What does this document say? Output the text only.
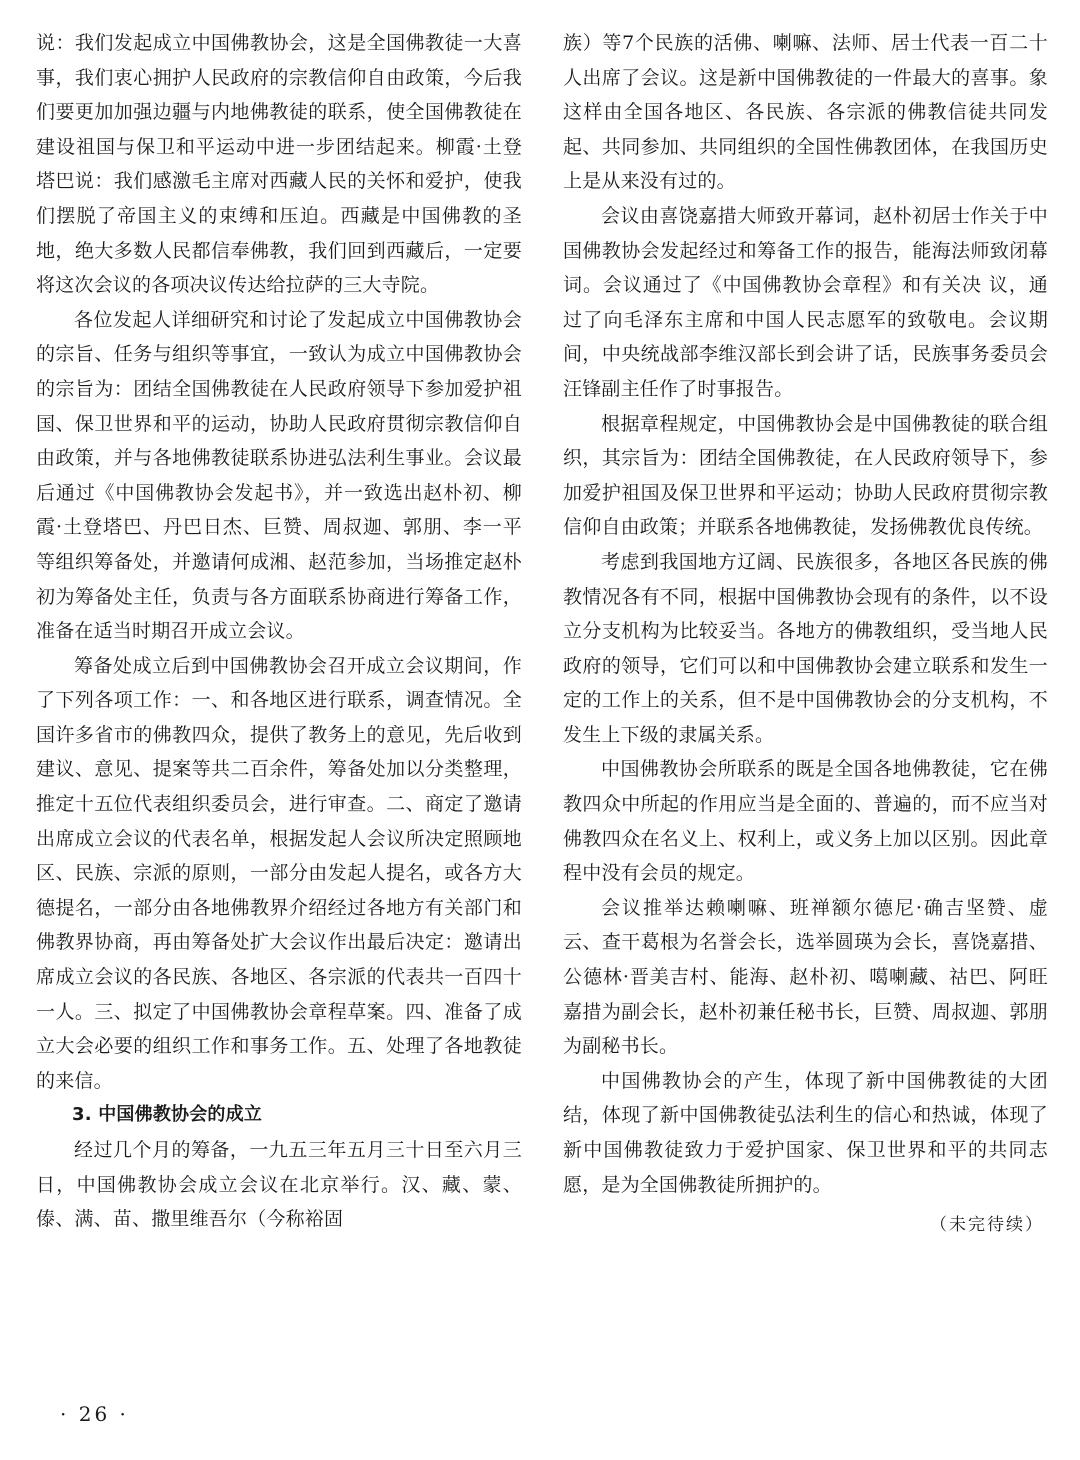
说：我们发起成立中国佛教协会，这是全国佛教徒一大喜事，我们衷心拥护人民政府的宗教信仰自由政策，今后我们要更加加强边疆与内地佛教徒的联系，使全国佛教徒在建设祖国与保卫和平运动中进一步团结起来。柳霞·土登塔巴说：我们感激毛主席对西藏人民的关怀和爱护，使我们摆脱了帝国主义的束缚和压迫。西藏是中国佛教的圣地，绝大多数人民都信奉佛教，我们回到西藏后，一定要将这次会议的各项决议传达给拉萨的三大寺院。

各位发起人详细研究和讨论了发起成立中国佛教协会的宗旨、任务与组织等事宜，一致认为成立中国佛教协会的宗旨为：团结全国佛教徒在人民政府领导下参加爱护祖国、保卫世界和平的运动，协助人民政府贯彻宗教信仰自由政策，并与各地佛教徒联系协进弘法利生事业。会议最后通过《中国佛教协会发起书》，并一致选出赵朴初、柳霞·土登塔巴、丹巴日杰、巨赞、周叔迦、郭朋、李一平等组织筹备处，并邀请何成湘、赵范参加，当场推定赵朴初为筹备处主任，负责与各方面联系协商进行筹备工作，准备在适当时期召开成立会议。

筹备处成立后到中国佛教协会召开成立会议期间，作了下列各项工作：一、和各地区进行联系，调查情况。全国许多省市的佛教四众，提供了教务上的意见，先后收到建议、意见、提案等共二百余件，筹备处加以分类整理，推定十五位代表组织委员会，进行审查。二、商定了邀请出席成立会议的代表名单，根据发起人会议所决定照顾地区、民族、宗派的原则，一部分由发起人提名，或各方大德提名，一部分由各地佛教界介绍经过各地方有关部门和佛教界协商，再由筹备处扩大会议作出最后决定：邀请出席成立会议的各民族、各地区、各宗派的代表共一百四十一人。三、拟定了中国佛教协会章程草案。四、准备了成立大会必要的组织工作和事务工作。五、处理了各地教徒的来信。

3. 中国佛教协会的成立

经过几个月的筹备，一九五三年五月三十日至六月三日，中国佛教协会成立会议在北京举行。汉、藏、蒙、傣、满、苗、撒里维吾尔（今称裕固

族）等7个民族的活佛、喇嘛、法师、居士代表一百二十人出席了会议。这是新中国佛教徒的一件最大的喜事。象这样由全国各地区、各民族、各宗派的佛教信徒共同发起、共同参加、共同组织的全国性佛教团体，在我国历史上是从来没有过的。

会议由喜饶嘉措大师致开幕词，赵朴初居士作关于中国佛教协会发起经过和筹备工作的报告，能海法师致闭幕词。会议通过了《中国佛教协会章程》和有关决 议，通过了向毛泽东主席和中国人民志愿军的致敬电。会议期间，中央统战部李维汉部长到会讲了话，民族事务委员会汪锋副主任作了时事报告。

根据章程规定，中国佛教协会是中国佛教徒的联合组织，其宗旨为：团结全国佛教徒，在人民政府领导下，参加爱护祖国及保卫世界和平运动；协助人民政府贯彻宗教信仰自由政策；并联系各地佛教徒，发扬佛教优良传统。

考虑到我国地方辽阔、民族很多，各地区各民族的佛教情况各有不同，根据中国佛教协会现有的条件，以不设立分支机构为比较妥当。各地方的佛教组织，受当地人民政府的领导，它们可以和中国佛教协会建立联系和发生一定的工作上的关系，但不是中国佛教协会的分支机构，不发生上下级的隶属关系。

中国佛教协会所联系的既是全国各地佛教徒，它在佛教四众中所起的作用应当是全面的、普遍的，而不应当对佛教四众在名义上、权利上，或义务上加以区别。因此章程中没有会员的规定。

会议推举达赖喇嘛、班禅额尔德尼·确吉坚赞、虚云、查干葛根为名誉会长，选举圆瑛为会长，喜饶嘉措、公德林·晋美吉村、能海、赵朴初、噶喇藏、祜巴、阿旺嘉措为副会长，赵朴初兼任秘书长，巨赞、周叔迦、郭朋为副秘书长。

中国佛教协会的产生，体现了新中国佛教徒的大团结，体现了新中国佛教徒弘法利生的信心和热诚，体现了新中国佛教徒致力于爱护国家、保卫世界和平的共同志愿，是为全国佛教徒所拥护的。

（未完待续）

· 26 ·
